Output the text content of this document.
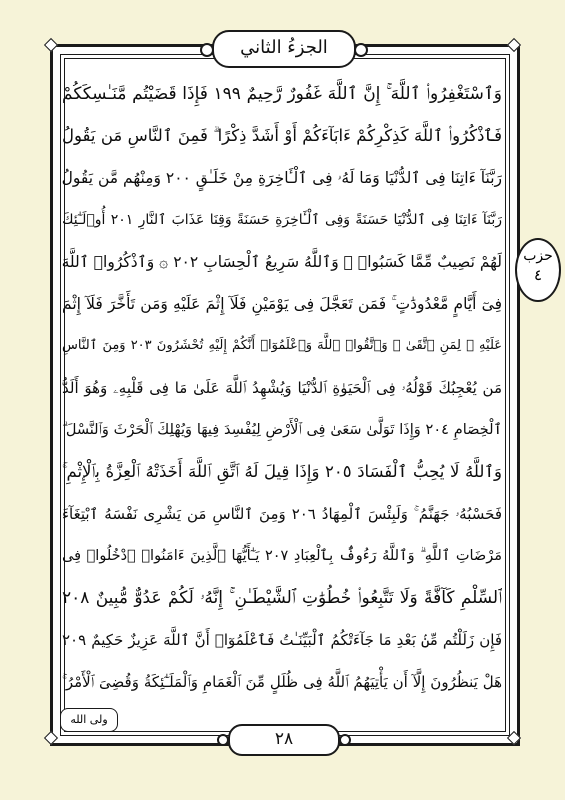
الجزءُ الثاني
وَٱسْتَغْفِرُوا۟ ٱللَّهَ ۚ إِنَّ ٱللَّهَ غَفُورٌ رَّحِيمٌ ١٩٩ فَإِذَا قَضَيْتُم مَّنَـٰسِكَكُمْ
فَٱذْكُرُوا۟ ٱللَّهَ كَذِكْرِكُمْ ءَابَآءَكُمْ أَوْ أَشَدَّ ذِكْرًا ۗ فَمِنَ ٱلنَّاسِ مَن يَقُولُ
رَبَّنَآ ءَاتِنَا فِى ٱلدُّنْيَا وَمَا لَهُۥ فِى ٱلْـَٔاخِرَةِ مِنْ خَلَـٰقٍ ٢٠٠ وَمِنْهُم مَّن يَقُولُ
رَبَّنَآ ءَاتِنَا فِى ٱلدُّنْيَا حَسَنَةً وَفِى ٱلْـَٔاخِرَةِ حَسَنَةً وَقِنَا عَذَابَ ٱلنَّارِ ٢٠١ أُو۟لَـٰٓئِكَ
لَهُمْ نَصِيبٌ مِّمَّا كَسَبُوا۟ ۚ وَٱللَّهُ سَرِيعُ ٱلْحِسَابِ ٢٠٢ ۞ وَٱذْكُرُوا۟ ٱللَّهَ
فِىٓ أَيَّامٍ مَّعْدُودَٰتٍ ۚ فَمَن تَعَجَّلَ فِى يَوْمَيْنِ فَلَآ إِثْمَ عَلَيْهِ وَمَن تَأَخَّرَ فَلَآ إِثْمَ
عَلَيْهِ ۚ لِمَنِ ٱتَّقَىٰ ۗ وَٱتَّقُوا۟ ٱللَّهَ وَٱعْلَمُوٓا۟ أَنَّكُمْ إِلَيْهِ تُحْشَرُونَ ٢٠٣ وَمِنَ ٱلنَّاسِ
مَن يُعْجِبُكَ قَوْلُهُۥ فِى ٱلْحَيَوٰةِ ٱلدُّنْيَا وَيُشْهِدُ ٱللَّهَ عَلَىٰ مَا فِى قَلْبِهِۦ وَهُوَ أَلَدُّ
ٱلْخِصَامِ ٢٠٤ وَإِذَا تَوَلَّىٰ سَعَىٰ فِى ٱلْأَرْضِ لِيُفْسِدَ فِيهَا وَيُهْلِكَ ٱلْحَرْثَ وَٱلنَّسْلَ ۗ
وَٱللَّهُ لَا يُحِبُّ ٱلْفَسَادَ ٢٠٥ وَإِذَا قِيلَ لَهُ ٱتَّقِ ٱللَّهَ أَخَذَتْهُ ٱلْعِزَّةُ بِٱلْإِثْمِ ۚ
فَحَسْبُهُۥ جَهَنَّمُ ۚ وَلَبِئْسَ ٱلْمِهَادُ ٢٠٦ وَمِنَ ٱلنَّاسِ مَن يَشْرِى نَفْسَهُ ٱبْتِغَآءَ
مَرْضَاتِ ٱللَّهِ ۗ وَٱللَّهُ رَءُوفٌۢ بِٱلْعِبَادِ ٢٠٧ يَـٰٓأَيُّهَا ٱلَّذِينَ ءَامَنُوا۟ ٱدْخُلُوا۟ فِى
ٱلسِّلْمِ كَآفَّةً وَلَا تَتَّبِعُوا۟ خُطُوَٰتِ ٱلشَّيْطَـٰنِ ۚ إِنَّهُۥ لَكُمْ عَدُوٌّ مُّبِينٌ ٢٠٨
فَإِن زَلَلْتُم مِّنۢ بَعْدِ مَا جَآءَتْكُمُ ٱلْبَيِّنَـٰتُ فَٱعْلَمُوٓا۟ أَنَّ ٱللَّهَ عَزِيزٌ حَكِيمٌ ٢٠٩
هَلْ يَنظُرُونَ إِلَّآ أَن يَأْتِيَهُمُ ٱللَّهُ فِى ظُلَلٍ مِّنَ ٱلْغَمَامِ وَٱلْمَلَـٰٓئِكَةُ وَقُضِىَ ٱلْأَمْرُ ۚ
حزب
٤
ولى الله
٢٨
